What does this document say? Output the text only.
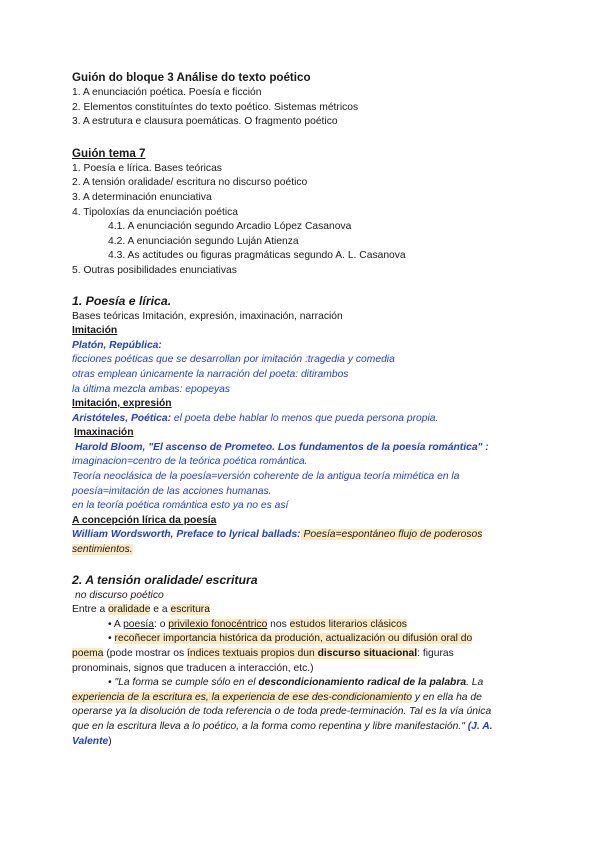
Guión do bloque 3 Análise do texto poético
1. A enunciación poética. Poesía e ficción
2. Elementos constituíntes do texto poético. Sistemas métricos
3. A estrutura e clausura poemáticas. O fragmento poético
Guión tema 7
1. Poesía e lírica. Bases teóricas
2. A tensión oralidade/ escritura no discurso poético
3. A determinación enunciativa
4. Tipoloxías da enunciación poética
4.1. A enunciación segundo Arcadio López Casanova
4.2. A enunciación segundo Luján Atienza
4.3. As actitudes ou figuras pragmáticas segundo A. L. Casanova
5. Outras posibilidades enunciativas
1. Poesía e lírica.
Bases teóricas Imitación, expresión, imaxinación, narración
Imitación
Platón, República:
ficciones poéticas que se desarrollan por imitación :tragedia y comedia
otras emplean únicamente la narración del poeta: ditirambos
la última mezcla ambas: epopeyas
Imitación, expresión
Aristóteles, Poética: el poeta debe hablar lo menos que pueda persona propia.
Imaxinación
Harold Bloom, "El ascenso de Prometeo. Los fundamentos de la poesía romántica" :
imaginacion=centro de la teórica poética romántica.
Teoría neoclásica de la poesía=versión coherente de la antigua teoría mimética en la
poesía=imitación de las acciones humanas.
en la teoría poética romántica esto ya no es así
A concepción lírica da poesía
William Wordsworth, Preface to lyrical ballads: Poesía=espontáneo flujo de poderosos
sentimientos.
2. A tensión oralidade/ escritura
no discurso poético
Entre a oralidade e a escritura
• A poesía: o privilexio fonocéntrico nos estudos literarios clásicos
• recoñecer importancia histórica da produción, actualización ou difusión oral do
poema (pode mostrar os índices textuais propios dun discurso situacional: figuras
pronominais, signos que traducen a interacción, etc.)
• "La forma se cumple sólo en el descondicionamiento radical de la palabra. La
experiencia de la escritura es, la experiencia de ese des-condicionamiento y en ella ha de
operarse ya la disolución de toda referencia o de toda prede-terminación. Tal es la vía única
que en la escritura lleva a lo poético, a la forma como repentina y libre manifestación." (J. A.
Valente)
